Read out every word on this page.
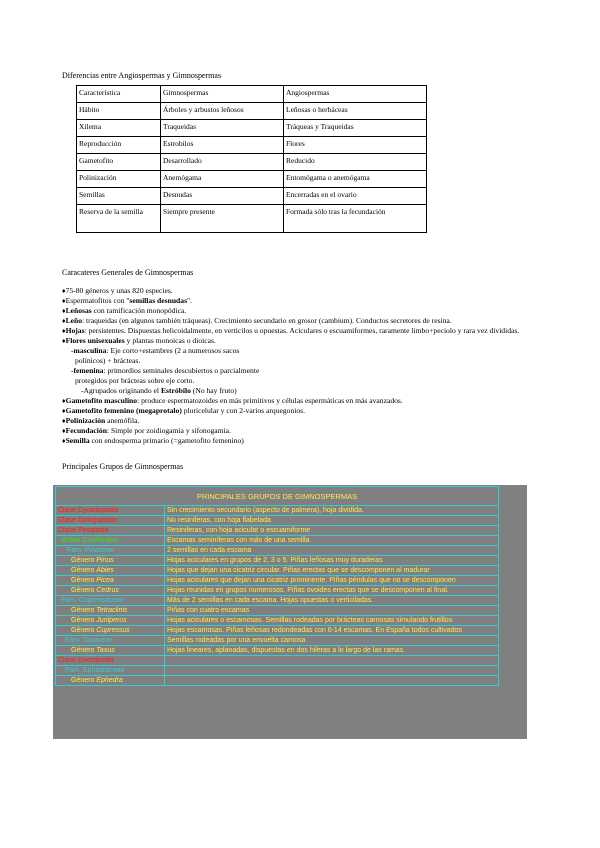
Diferencias entre Angiospermas y Gimnospermas
Característica	Gimnospermas	Angiospermas
Hábito	Árboles y arbustos leñosos	Leñosas o herbáceas
Xilema	Traqueidas	Tráqueas y Traqueidas
Reproducción	Estrobilos	Flores
Gametofito	Desarrollado	Reducido
Polinización	Anemógama	Entomógama o anemógama
Semillas	Desnudas	Encerradas en el ovario
Reserva de la semilla	Siempre presente	Formada sólo tras la fecundación
Caracateres Generales de Gimnospermas
♦75-80 géneros y unas 820 especies.
♦Espermatofitos con "semillas desnudas".
♦Leñosas con ramificación monopódica.
♦Leño: traqueidas (en algunos también tráqueas). Crecimiento secundario en grosor (cambium). Conductos secretores de resina.
♦Hojas: persistentes. Dispuestas helicoidalmente, en verticilos u opuestas. Aciculares o escuamiformes, raramente limbo+peciolo y rara vez divididas.
♦Flores unisexuales y plantas monoicas o dioicas.
-masculina: Eje corto+estambres (2 a numerosos sacos
polínicos) + brácteas.
-femenina: primordios seminales descubiertos o parcialmente
protegidos por brácteas sobre eje corto.
-Agrupados originando el Estróbilo (No hay fruto)
♦Gametofito masculino: produce espermatozoides en más primitivos y células espermáticas en más avanzados.
♦Gametofito femenino (megaprotalo) pluricelular y con 2-varios arquegonios.
♦Polinización anemófila.
♦Fecundación: Simple por zoidiogamia y sifonogamia.
♦Semilla con endosperma primario (=gametofito femenino)
Principales Grupos de Gimnospermas
PRINCIPALES GRUPOS DE GIMNOSPERMAS	
Clase Cycadopsida	Sin crecimiento secundario (aspecto de palmera), hoja dividida.
Clase Ginkgopsida	No resiniferas, con hoja flabelada
Clase Pinopsida	Resiniferas, con hoja acicular o escuamiforme
Orden Coniferales	Escamas seminíferas con más de una semilla
Fam. Pinaceae	2 semillas en cada escama
Género Pinus	Hojas aciculares en grupos de 2, 3 o 5. Piñas leñosas muy duraderas
Género Abies	Hojas que dejan una cicatriz circular. Piñas erectas que se descomponen al madurar
Género Picea	Hojas aciculares que dejan una cicatriz prominente. Piñas péndulas que no se descomponen
Género Cedrus	Hojas reunidas en grupos numerosos. Piñas ovoides erectas que se descomponen al final.
Fam. Cupressaceae	Más de 2 semillas en cada escama. Hojas opuestas o verticiladas.
Género Tetraclinis	Piñas con cuatro escamas
Género Juniperus	Hojas aciculares o escamosas. Semillas rodeadas por brácteas carnosas simulando frutillos
Género Cupressus	Hojas escamosas. Piñas leñosas redondeadas con 6-14 escamas. En España todos cultivados
Fam. Taxaceae	Semillas rodeadas por una envuelta carnosa
Género Taxus	Hojas lineares, aplanadas, dispuestas en dos hileras a lo largo de las ramas.
Clase Gnetopsida	
Fam. Ephedraceae	
Género Ephedra	
